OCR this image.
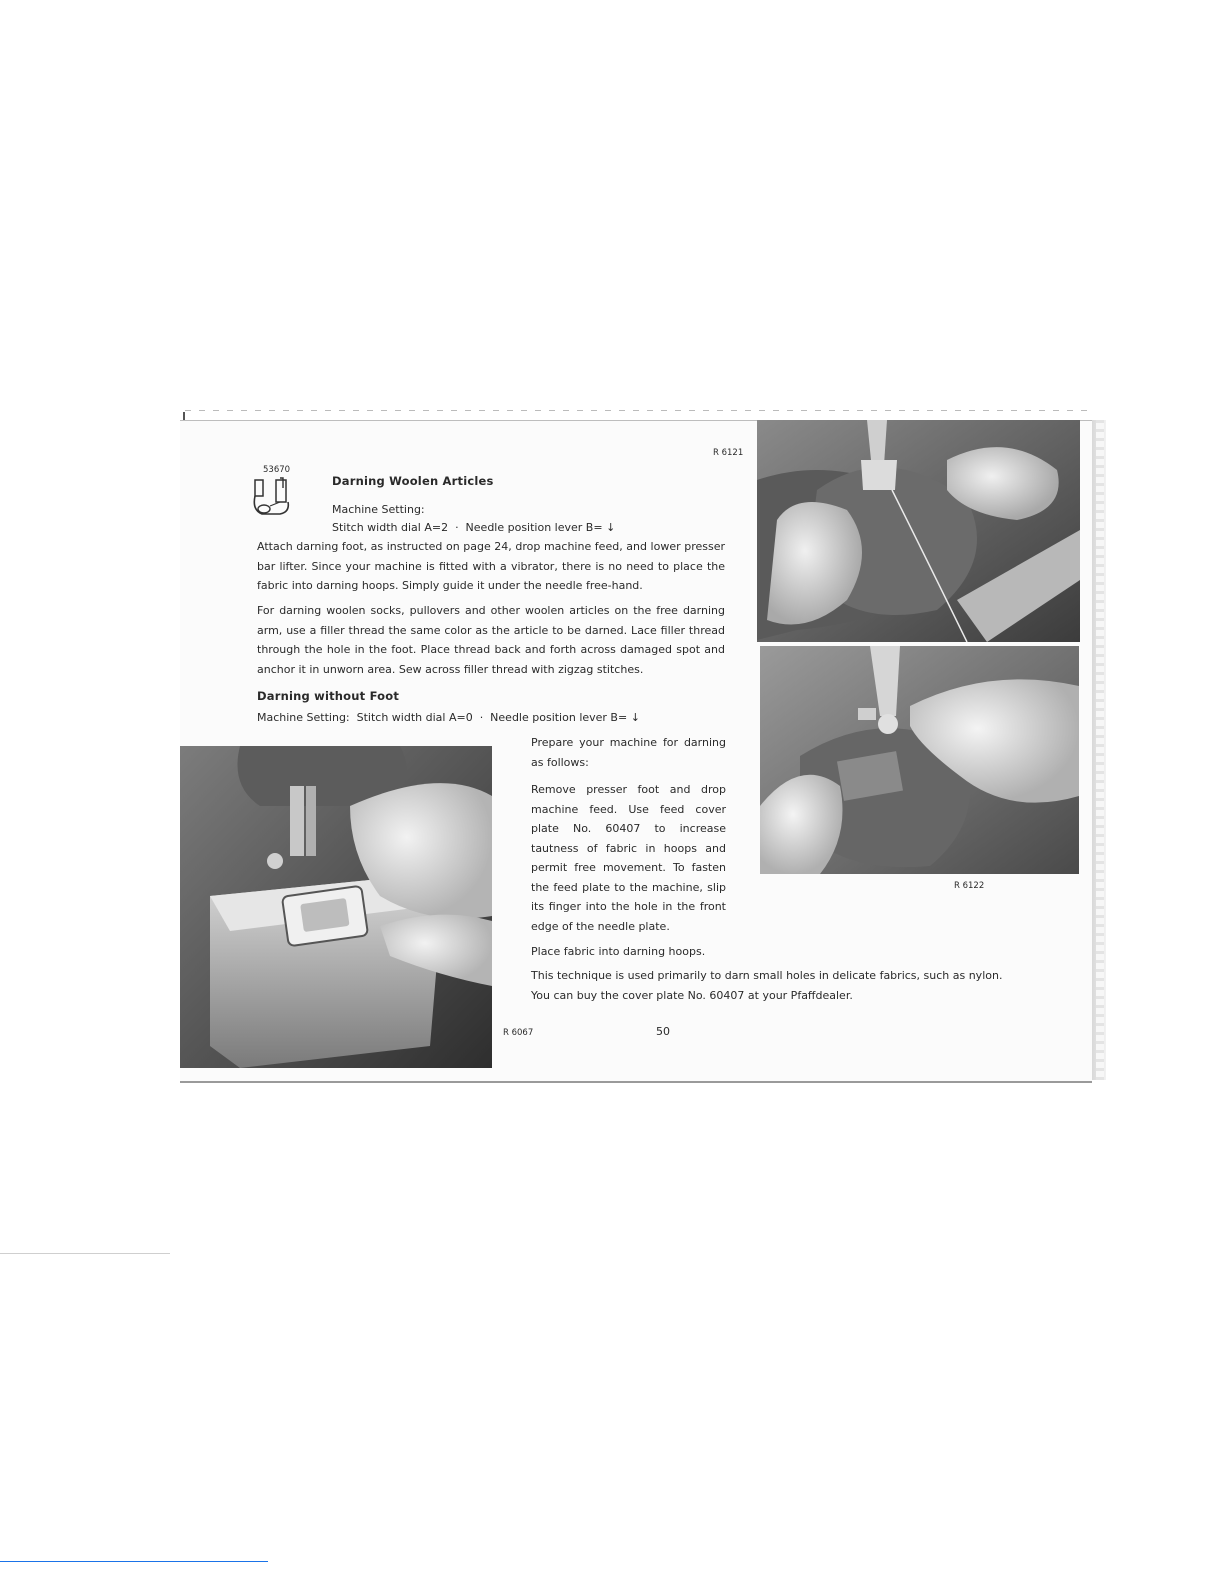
53670
Darning Woolen Articles
Machine Setting:
Stitch width dial A=2  ·  Needle position lever B= ↓
R 6121
Attach darning foot, as instructed on page 24, drop machine feed, and lower presser bar lifter. Since your machine is fitted with a vibrator, there is no need to place the fabric into darning hoops. Simply guide it under the needle free-hand.
For darning woolen socks, pullovers and other woolen articles on the free darning arm, use a filler thread the same color as the article to be darned. Lace filler thread through the hole in the foot. Place thread back and forth across damaged spot and anchor it in unworn area. Sew across filler thread with zigzag stitches.
Darning without Foot
Machine Setting:  Stitch width dial A=0  ·  Needle position lever B= ↓
Prepare your machine for darning as follows:
Remove presser foot and drop machine feed. Use feed cover plate No. 60407 to increase tautness of fabric in hoops and permit free movement. To fasten the feed plate to the machine, slip its finger into the hole in the front edge of the needle plate.
Place fabric into darning hoops.
This technique is used primarily to darn small holes in delicate fabrics, such as nylon.
You can buy the cover plate No. 60407 at your Pfaffdealer.
R 6067	50
R 6122
